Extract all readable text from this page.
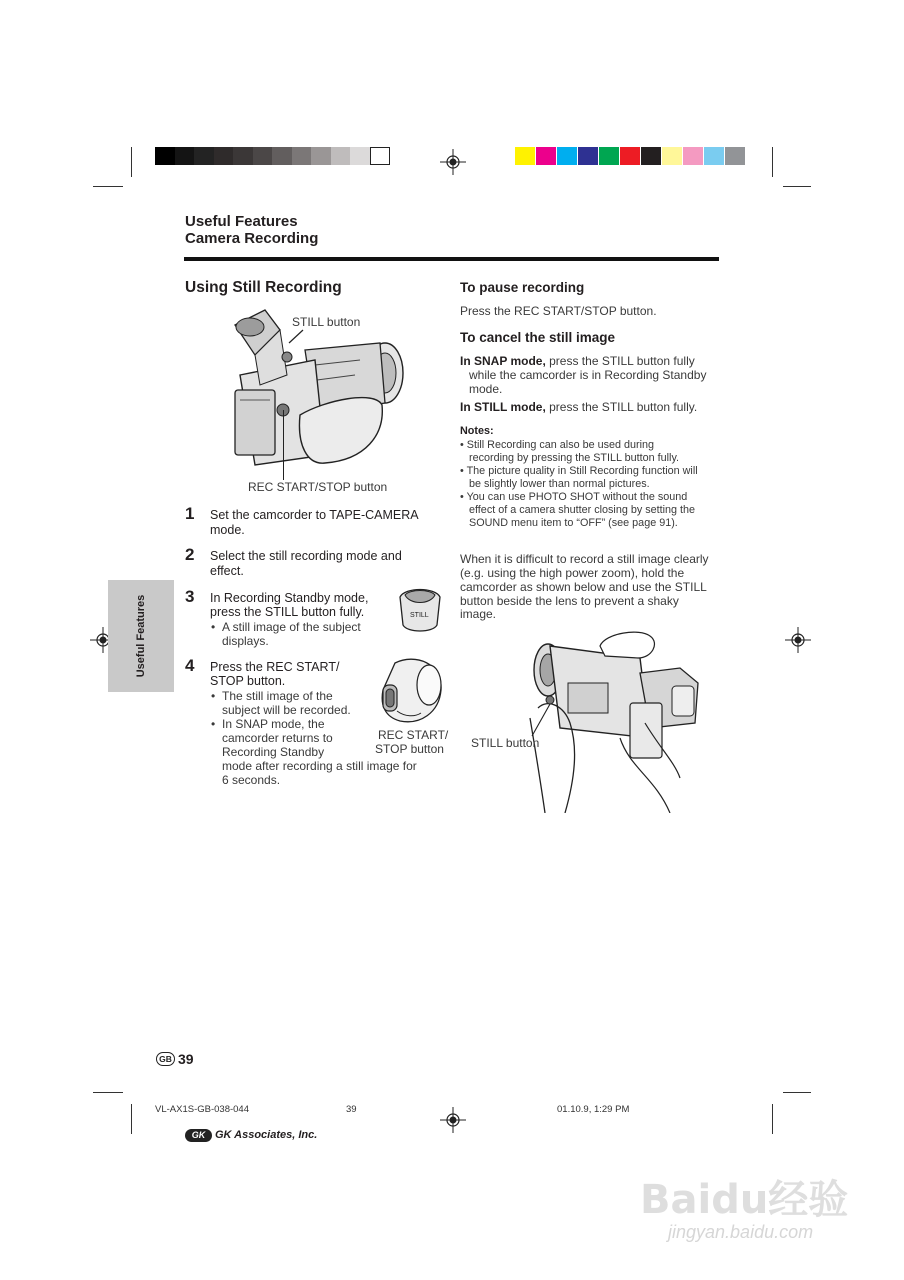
Useful Features
Camera Recording
Useful Features
Using Still Recording
STILL button
REC START/STOP button
1 Set the camcorder to TAPE-CAMERA mode.
2 Select the still recording mode and effect.
3 In Recording Standby mode,
press the STILL button fully.
• A still image of the subject
displays.
STILL
4 Press the REC START/
STOP button.
• The still image of the
subject will be recorded.
• In SNAP mode, the
camcorder returns to
Recording Standby
mode after recording a still image for
6 seconds.
REC START/
STOP button
To pause recording
Press the REC START/STOP button.
To cancel the still image
In SNAP mode, press the STILL button fully
while the camcorder is in Recording Standby
mode.
In STILL mode, press the STILL button fully.
Notes:
• Still Recording can also be used during
recording by pressing the STILL button fully.
• The picture quality in Still Recording function will
be slightly lower than normal pictures.
• You can use PHOTO SHOT without the sound
effect of a camera shutter closing by setting the
SOUND menu item to “OFF” (see page 91).
When it is difficult to record a still image clearly
(e.g. using the high power zoom), hold the
camcorder as shown below and use the STILL
button beside the lens to prevent a shaky
image.
STILL button
GB 39
VL-AX1S-GB-038-044	39	01.10.9, 1:29 PM
GK GK Associates, Inc.
Baidu经验
jingyan.baidu.com
